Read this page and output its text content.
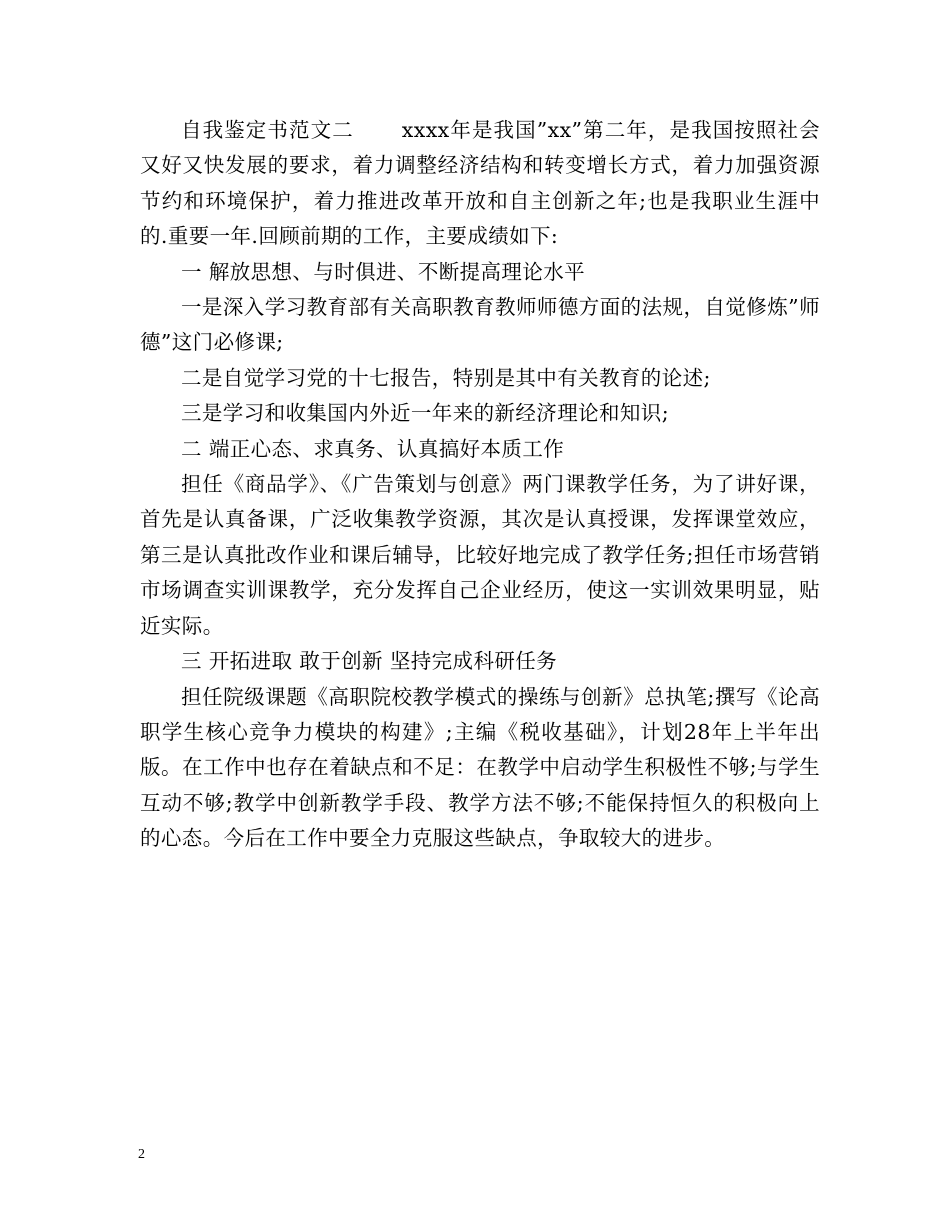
自我鉴定书范文二 xxxx年是我国”xx”第二年，是我国按照社会又好又快发展的要求，着力调整经济结构和转变增长方式，着力加强资源节约和环境保护，着力推进改革开放和自主创新之年;也是我职业生涯中的.重要一年.回顾前期的工作，主要成绩如下:

一 解放思想、与时俱进、不断提高理论水平

一是深入学习教育部有关高职教育教师师德方面的法规，自觉修炼”师德”这门必修课;

二是自觉学习党的十七报告，特别是其中有关教育的论述;

三是学习和收集国内外近一年来的新经济理论和知识;

二 端正心态、求真务、认真搞好本质工作

担任《商品学》、《广告策划与创意》两门课教学任务，为了讲好课，首先是认真备课，广泛收集教学资源，其次是认真授课，发挥课堂效应，第三是认真批改作业和课后辅导，比较好地完成了教学任务;担任市场营销市场调查实训课教学，充分发挥自己企业经历，使这一实训效果明显，贴近实际。

三 开拓进取 敢于创新 坚持完成科研任务

担任院级课题《高职院校教学模式的操练与创新》总执笔;撰写《论高职学生核心竞争力模块的构建》;主编《税收基础》，计划28年上半年出版。在工作中也存在着缺点和不足：在教学中启动学生积极性不够;与学生互动不够;教学中创新教学手段、教学方法不够;不能保持恒久的积极向上的心态。今后在工作中要全力克服这些缺点，争取较大的进步。

2
